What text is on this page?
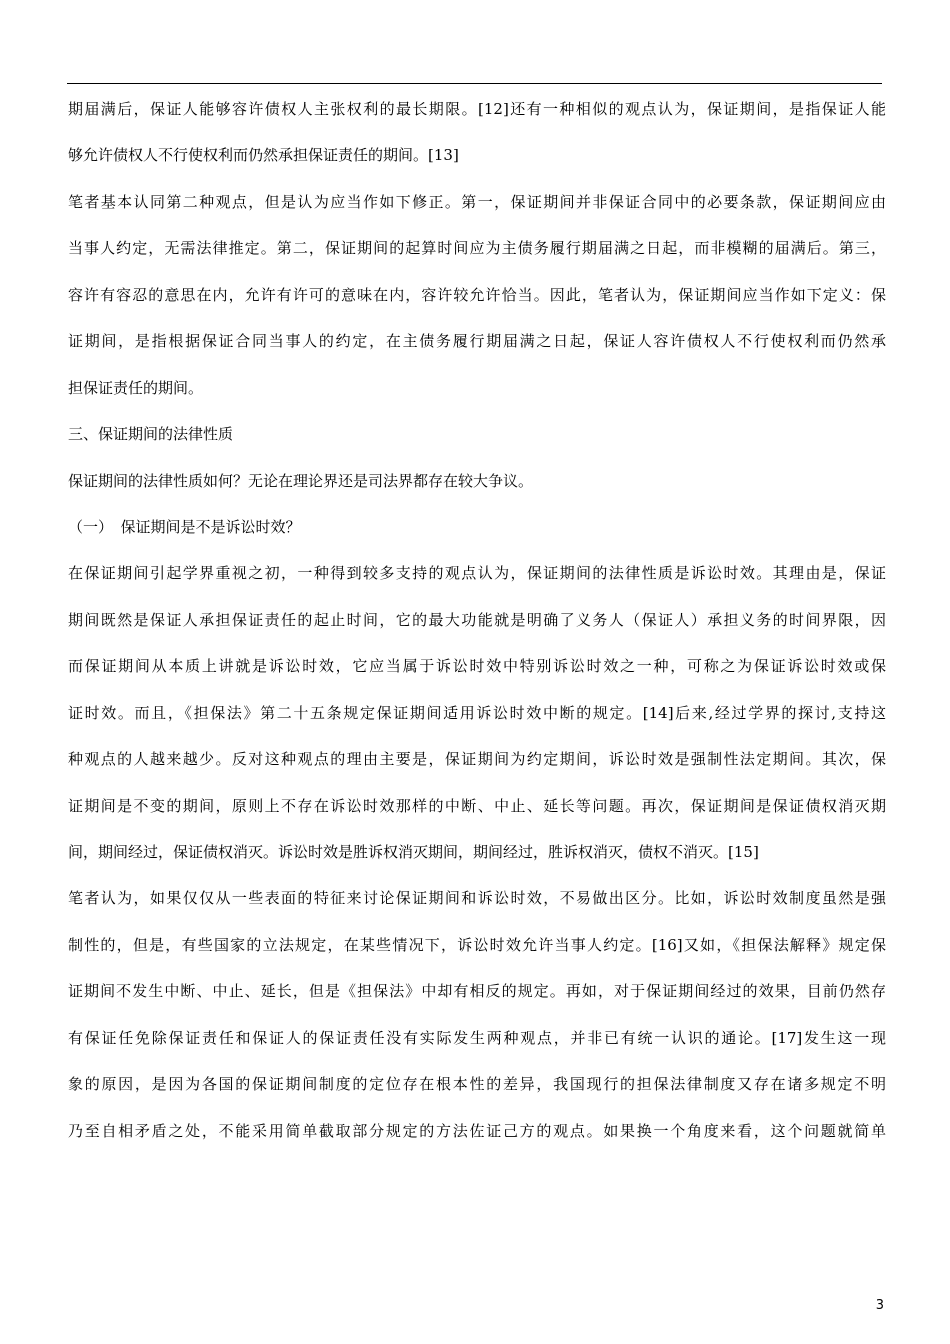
期届满后，保证人能够容许债权人主张权利的最长期限。[12]还有一种相似的观点认为，保证期间，是指保证人能
够允许债权人不行使权利而仍然承担保证责任的期间。[13]
笔者基本认同第二种观点，但是认为应当作如下修正。第一，保证期间并非保证合同中的必要条款，保证期间应由
当事人约定，无需法律推定。第二，保证期间的起算时间应为主债务履行期届满之日起，而非模糊的届满后。第三，
容许有容忍的意思在内，允许有许可的意味在内，容许较允许恰当。因此，笔者认为，保证期间应当作如下定义：保
证期间，是指根据保证合同当事人的约定，在主债务履行期届满之日起，保证人容许债权人不行使权利而仍然承
担保证责任的期间。
三、保证期间的法律性质
保证期间的法律性质如何？无论在理论界还是司法界都存在较大争议。
（一）　保证期间是不是诉讼时效？
在保证期间引起学界重视之初，一种得到较多支持的观点认为，保证期间的法律性质是诉讼时效。其理由是，保证
期间既然是保证人承担保证责任的起止时间，它的最大功能就是明确了义务人（保证人）承担义务的时间界限，因
而保证期间从本质上讲就是诉讼时效，它应当属于诉讼时效中特别诉讼时效之一种，可称之为保证诉讼时效或保
证时效。而且，《担保法》第二十五条规定保证期间适用诉讼时效中断的规定。[14]后来,经过学界的探讨,支持这
种观点的人越来越少。反对这种观点的理由主要是，保证期间为约定期间，诉讼时效是强制性法定期间。其次，保
证期间是不变的期间，原则上不存在诉讼时效那样的中断、中止、延长等问题。再次，保证期间是保证债权消灭期
间，期间经过，保证债权消灭。诉讼时效是胜诉权消灭期间，期间经过，胜诉权消灭，债权不消灭。[15]
笔者认为，如果仅仅从一些表面的特征来讨论保证期间和诉讼时效，不易做出区分。比如，诉讼时效制度虽然是强
制性的，但是，有些国家的立法规定，在某些情况下，诉讼时效允许当事人约定。[16]又如，《担保法解释》规定保
证期间不发生中断、中止、延长，但是《担保法》中却有相反的规定。再如，对于保证期间经过的效果，目前仍然存
有保证任免除保证责任和保证人的保证责任没有实际发生两种观点，并非已有统一认识的通论。[17]发生这一现
象的原因，是因为各国的保证期间制度的定位存在根本性的差异，我国现行的担保法律制度又存在诸多规定不明
乃至自相矛盾之处，不能采用简单截取部分规定的方法佐证己方的观点。如果换一个角度来看，这个问题就简单
3
